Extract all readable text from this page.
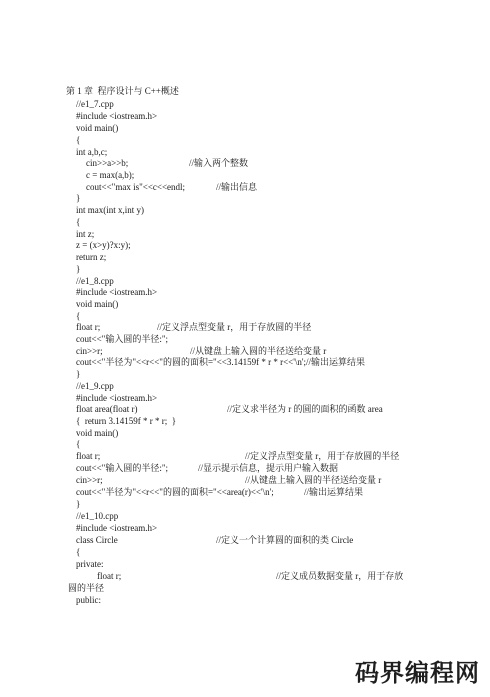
第 1 章  程序设计与 C++概述
//e1_7.cpp
#include <iostream.h>
void main()
{
int a,b,c;
cin>>a>>b;	//输入两个整数
c = max(a,b);
cout<<"max is"<<c<<endl;	//输出信息
}
int max(int x,int y)
{
int z;
z = (x>y)?x:y);
return z;
}
//e1_8.cpp
#include <iostream.h>
void main()
{
float r;	//定义浮点型变量 r，用于存放圆的半径
cout<<"输入圆的半径:";
cin>>r;	//从键盘上输入圆的半径送给变量 r
cout<<"半径为"<<r<<"的圆的面积="<<3.14159f * r * r<<'\n';//输出运算结果
}
//e1_9.cpp
#include <iostream.h>
float area(float r)	//定义求半径为 r 的圆的面积的函数 area
{  return 3.14159f * r * r;  }
void main()
{
float r;	//定义浮点型变量 r，用于存放圆的半径
cout<<"输入圆的半径:";	//显示提示信息，提示用户输入数据
cin>>r;	//从键盘上输入圆的半径送给变量 r
cout<<"半径为"<<r<<"的圆的面积="<<area(r)<<'\n';	//输出运算结果
}
//e1_10.cpp
#include <iostream.h>
class Circle	//定义一个计算圆的面积的类 Circle
{
private:
float r;	//定义成员数据变量 r，用于存放
圆的半径
public:
码界编程网
